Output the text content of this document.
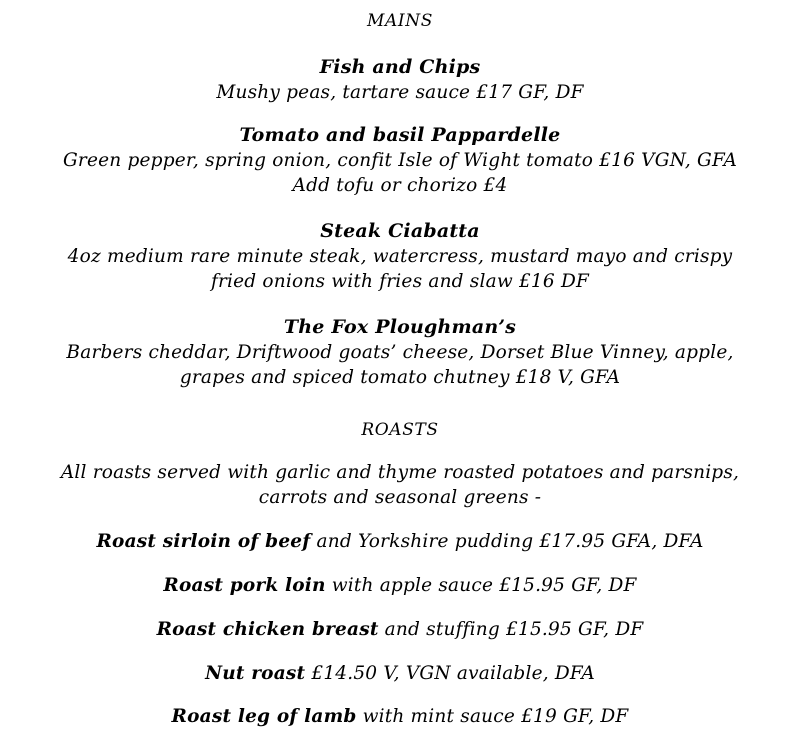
MAINS
Fish and Chips
Mushy peas, tartare sauce £17 GF, DF
Tomato and basil Pappardelle
Green pepper, spring onion, confit Isle of Wight tomato £16 VGN, GFA
Add tofu or chorizo £4
Steak Ciabatta
4oz medium rare minute steak, watercress, mustard mayo and crispy
fried onions with fries and slaw £16 DF
The Fox Ploughman’s
Barbers cheddar, Driftwood goats’ cheese, Dorset Blue Vinney, apple,
grapes and spiced tomato chutney £18 V, GFA
ROASTS
All roasts served with garlic and thyme roasted potatoes and parsnips,
carrots and seasonal greens -
Roast sirloin of beef and Yorkshire pudding £17.95 GFA, DFA
Roast pork loin with apple sauce £15.95 GF, DF
Roast chicken breast and stuffing £15.95 GF, DF
Nut roast £14.50 V, VGN available, DFA
Roast leg of lamb with mint sauce £19 GF, DF
